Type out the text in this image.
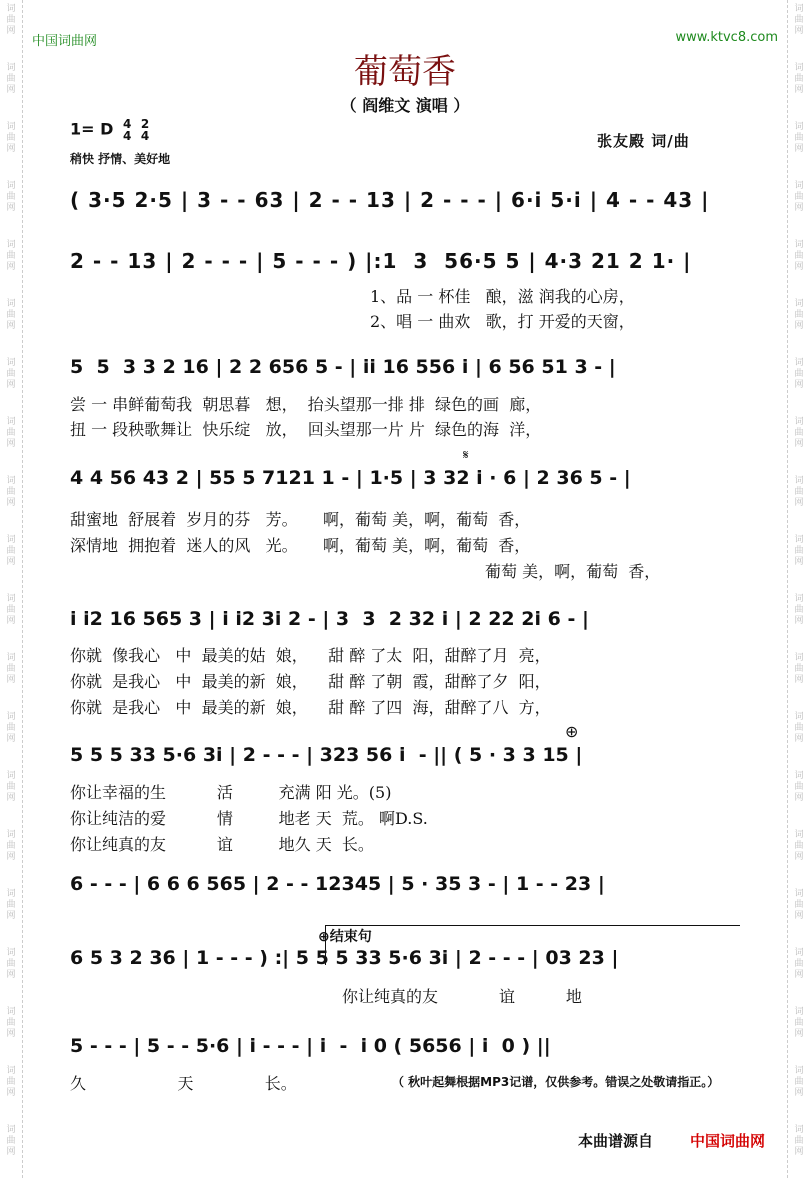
词
曲
网
词
曲
网
词
曲
网
词
曲
网
词
曲
网
词
曲
网
词
曲
网
词
曲
网
词
曲
网
词
曲
网
词
曲
网
词
曲
网
词
曲
网
词
曲
网
词
曲
网
词
曲
网
词
曲
网
词
曲
网
词
曲
网
词
曲
网
词
曲
网
词
曲
网
词
曲
网
词
曲
网
词
曲
网
词
曲
网
词
曲
网
词
曲
网
词
曲
网
词
曲
网
词
曲
网
词
曲
网
词
曲
网
词
曲
网
词
曲
网
词
曲
网
词
曲
网
词
曲
网
词
曲
网
词
曲
网
中国词曲网	www.ktvc8.com
葡萄香
（ 阎维文 演唱 ）
1= D 4
4 2
4
稍快 抒情、美好地
张友殿 词/曲
( 3·5 2·5 | 3 - - 63 | 2 - - 13 | 2 - - - | 6·i 5·i | 4 - - 43 |
2 - - 13 | 2 - - - | 5 - - - ) |:1  3  56·5 5 | 4·3 21 2 1· |
1、品 一 杯佳   酿，滋 润我的心房，
2、唱 一 曲欢   歌，打 开爱的天窗，
5  5  3 3 2 16 | 2 2 656 5 - | ii 16 556 i | 6 56 51 3 - |
尝 一 串鲜葡萄我  朝思暮   想，  抬头望那一排 排  绿色的画  廊，
扭 一 段秧歌舞让  快乐绽   放，  回头望那一片 片  绿色的海  洋，
𝄋
4 4 56 43 2 | 55 5 7121 1 - | 1·5 | 3 32 i · 6 | 2 36 5 - |
甜蜜地  舒展着  岁月的芬   芳。     啊，葡萄 美，啊，葡萄  香，
深情地  拥抱着  迷人的风   光。     啊，葡萄 美，啊，葡萄  香，
葡萄 美，啊，葡萄  香，
i i2 16 565 3 | i i2 3i 2 - | 3  3  2 32 i | 2 22 2i 6 - |
你就  像我心   中  最美的姑  娘，    甜 醉 了太  阳，甜醉了月  亮，
你就  是我心   中  最美的新  娘，    甜 醉 了朝  霞，甜醉了夕  阳，
你就  是我心   中  最美的新  娘，    甜 醉 了四  海，甜醉了八  方，
⊕
5 5 5 33 5·6 3i | 2 - - - | 323 56 i  - || ( 5 · 3 3 15 |
你让幸福的生          活         充满 阳 光。(5)
你让纯洁的爱          情         地老 天  荒。 啊D.S.
你让纯真的友          谊         地久 天  长。
6 - - - | 6 6 6 565 | 2 - - 12345 | 5 · 35 3 - | 1 - - 23 |
⊕结束句
6 5 3 2 36 | 1 - - - ) :| 5 5 5 33 5·6 3i | 2 - - - | 03 23 |
你让纯真的友            谊          地
5 - - - | 5 - - 5·6 | i - - - | i  -  i 0 ( 5656 | i  0 ) ||
久                  天              长。	（ 秋叶起舞根据MP3记谱，仅供参考。错误之处敬请指正。）
本曲谱源自 中国词曲网
